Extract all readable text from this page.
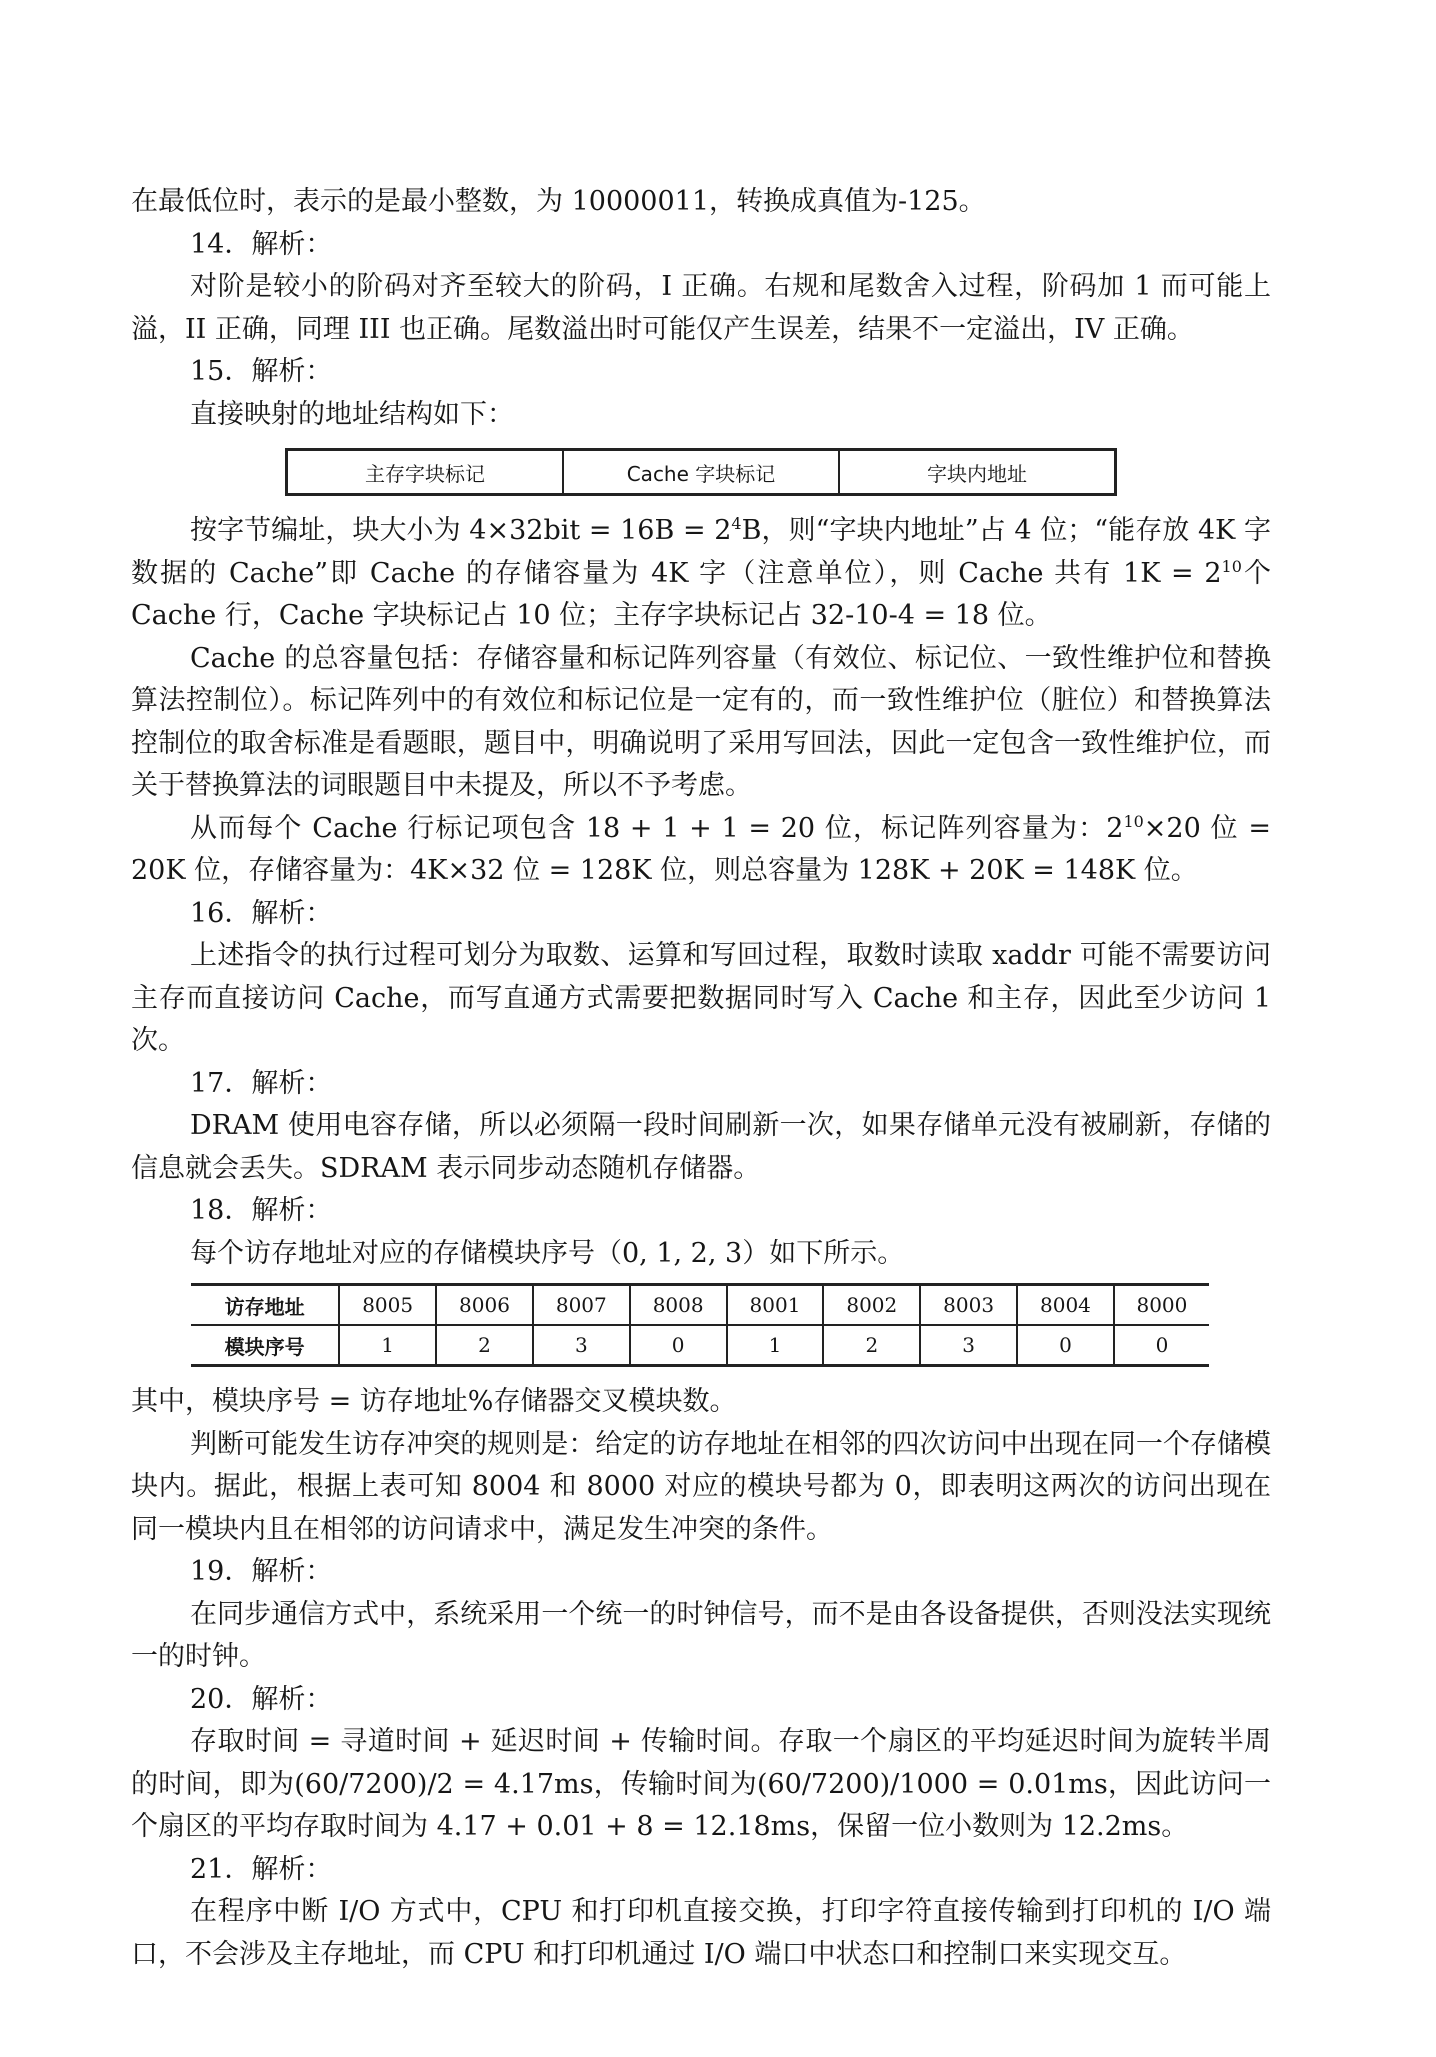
在最低位时，表示的是最小整数，为 10000011，转换成真值为-125。

14．解析：

对阶是较小的阶码对齐至较大的阶码，I 正确。右规和尾数舍入过程，阶码加 1 而可能上溢，II 正确，同理 III 也正确。尾数溢出时可能仅产生误差，结果不一定溢出，IV 正确。

15．解析：

直接映射的地址结构如下：

主存字块标记	Cache 字块标记	字块内地址

按字节编址，块大小为 $4\times 32bit = 16B = 2^4B$，则“字块内地址”占 4 位；“能存放 4K 字数据的 Cache”即 Cache 的存储容量为 4K 字（注意单位），则 Cache 共有 $1K = 2^{10}$个 Cache 行，Cache 字块标记占 10 位；主存字块标记占 32-10-4 = 18 位。

Cache 的总容量包括：存储容量和标记阵列容量（有效位、标记位、一致性维护位和替换算法控制位）。标记阵列中的有效位和标记位是一定有的，而一致性维护位（脏位）和替换算法控制位的取舍标准是看题眼，题目中，明确说明了采用写回法，因此一定包含一致性维护位，而关于替换算法的词眼题目中未提及，所以不予考虑。

从而每个 Cache 行标记项包含 18 + 1 + 1 = 20 位，标记阵列容量为：$2^{10}\times 20$ 位 = 20K 位，存储容量为：4K×32 位 = 128K 位，则总容量为 128K + 20K = 148K 位。

16．解析：

上述指令的执行过程可划分为取数、运算和写回过程，取数时读取 xaddr 可能不需要访问主存而直接访问 Cache，而写直通方式需要把数据同时写入 Cache 和主存，因此至少访问 1 次。

17．解析：

DRAM 使用电容存储，所以必须隔一段时间刷新一次，如果存储单元没有被刷新，存储的信息就会丢失。SDRAM 表示同步动态随机存储器。

18．解析：

每个访存地址对应的存储模块序号（0, 1, 2, 3）如下所示。

访存地址	8005	8006	8007	8008	8001	8002	8003	8004	8000
模块序号	1	2	3	0	1	2	3	0	0

其中，模块序号 = 访存地址%存储器交叉模块数。

判断可能发生访存冲突的规则是：给定的访存地址在相邻的四次访问中出现在同一个存储模块内。据此，根据上表可知 8004 和 8000 对应的模块号都为 0，即表明这两次的访问出现在同一模块内且在相邻的访问请求中，满足发生冲突的条件。

19．解析：

在同步通信方式中，系统采用一个统一的时钟信号，而不是由各设备提供，否则没法实现统一的时钟。

20．解析：

存取时间 = 寻道时间 + 延迟时间 + 传输时间。存取一个扇区的平均延迟时间为旋转半周的时间，即为(60/7200)/2 = 4.17ms，传输时间为(60/7200)/1000 = 0.01ms，因此访问一个扇区的平均存取时间为 4.17 + 0.01 + 8 = 12.18ms，保留一位小数则为 12.2ms。

21．解析：

在程序中断 I/O 方式中，CPU 和打印机直接交换，打印字符直接传输到打印机的 I/O 端口，不会涉及主存地址，而 CPU 和打印机通过 I/O 端口中状态口和控制口来实现交互。
